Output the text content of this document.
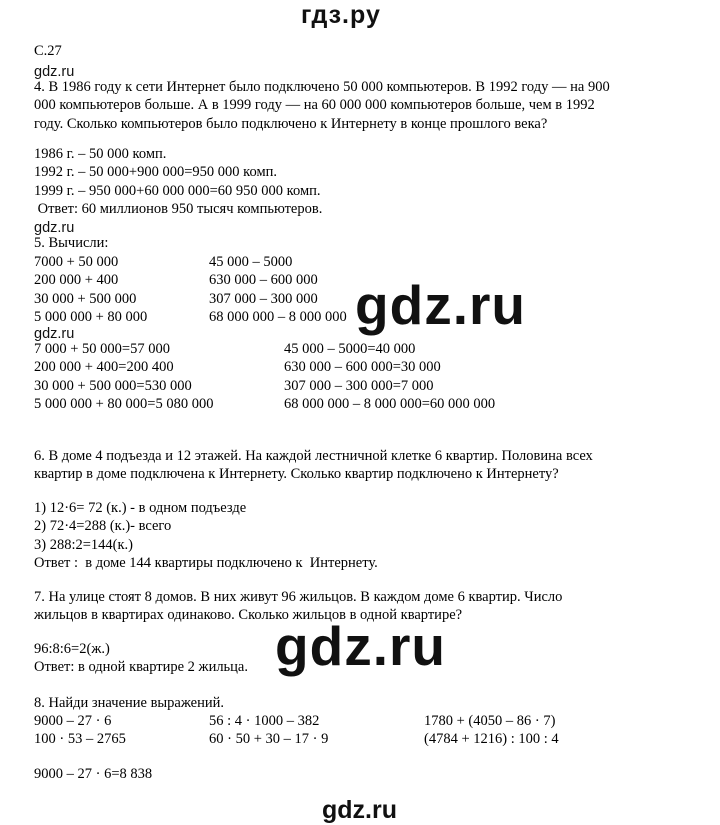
гдз.ру
С.27
gdz.ru
4. В 1986 году к сети Интернет было подключено 50 000 компьютеров. В 1992 году — на 900
000 компьютеров больше. А в 1999 году — на 60 000 000 компьютеров больше, чем в 1992
году. Сколько компьютеров было подключено к Интернету в конце прошлого века?
1986 г. – 50 000 комп.
1992 г. – 50 000+900 000=950 000 комп.
1999 г. – 950 000+60 000 000=60 950 000 комп.
Ответ: 60 миллионов 950 тысяч компьютеров.
gdz.ru
5. Вычисли:
7000 + 50 000
200 000 + 400
30 000 + 500 000
5 000 000 + 80 000
45 000 – 5000
630 000 – 600 000
307 000 – 300 000
68 000 000 – 8 000 000 gdz.ru
gdz.ru
7 000 + 50 000=57 000
200 000 + 400=200 400
30 000 + 500 000=530 000
5 000 000 + 80 000=5 080 000
45 000 – 5000=40 000
630 000 – 600 000=30 000
307 000 – 300 000=7 000
68 000 000 – 8 000 000=60 000 000
6. В доме 4 подъезда и 12 этажей. На каждой лестничной клетке 6 квартир. Половина всех
квартир в доме подключена к Интернету. Сколько квартир подключено к Интернету?
1) 12·6= 72 (к.) - в одном подъезде
2) 72·4=288 (к.)- всего
3) 288:2=144(к.)
Ответ :  в доме 144 квартиры подключено к  Интернету.
7. На улице стоят 8 домов. В них живут 96 жильцов. В каждом доме 6 квартир. Число
жильцов в квартирах одинаково. Сколько жильцов в одной квартире?
96:8:6=2(ж.)
Ответ: в одной квартире 2 жильца. gdz.ru
8. Найди значение выражений.
9000 – 27 · 6
100 · 53 – 2765
56 : 4 · 1000 – 382
60 · 50 + 30 – 17 · 9
1780 + (4050 – 86 · 7)
(4784 + 1216) : 100 : 4
9000 – 27 · 6=8 838
gdz.ru
